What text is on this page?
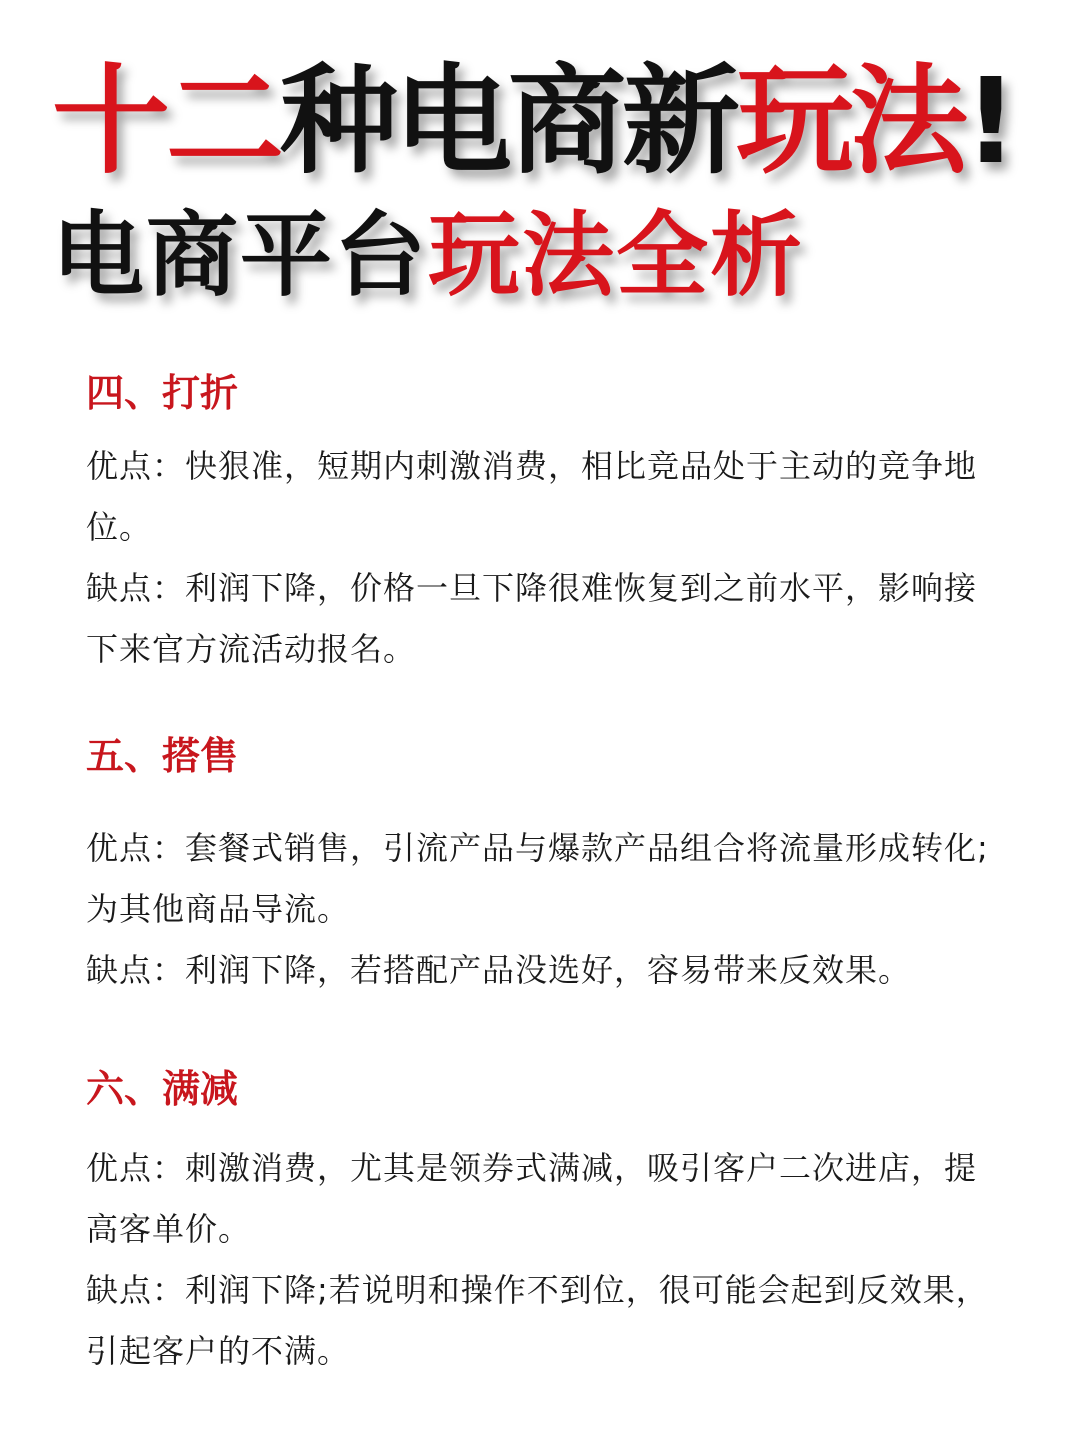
十二种电商新玩法!
电商平台玩法全析
四、打折

优点：快狠准，短期内刺激消费，相比竞品处于主动的竞争地位。

缺点：利润下降，价格一旦下降很难恢复到之前水平，影响接下来官方流活动报名。

五、搭售

优点：套餐式销售，引流产品与爆款产品组合将流量形成转化;为其他商品导流。

缺点：利润下降，若搭配产品没选好，容易带来反效果。

六、满减

优点：刺激消费，尤其是领券式满减，吸引客户二次进店，提高客单价。

缺点：利润下降;若说明和操作不到位，很可能会起到反效果，引起客户的不满。
